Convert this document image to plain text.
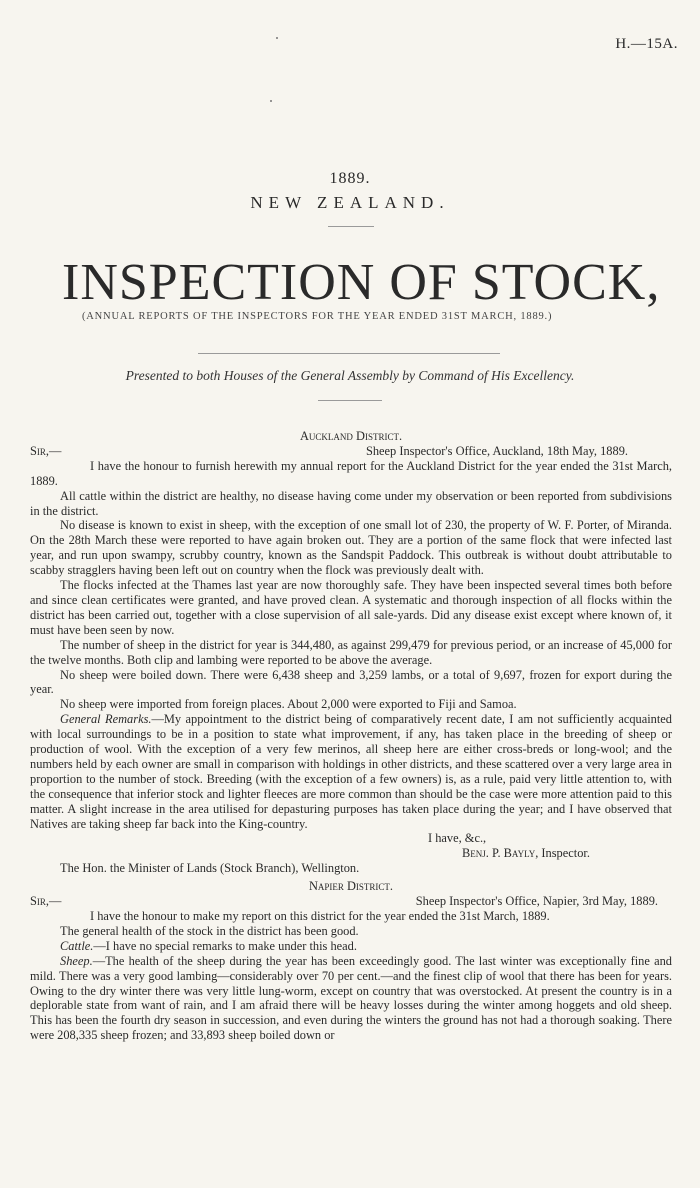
H.—15A.
1889.
NEW ZEALAND.
INSPECTION OF STOCK,
(ANNUAL REPORTS OF THE INSPECTORS FOR THE YEAR ENDED 31ST MARCH, 1889.)
Presented to both Houses of the General Assembly by Command of His Excellency.

Auckland District.

Sir,—	Sheep Inspector's Office, Auckland, 18th May, 1889.

I have the honour to furnish herewith my annual report for the Auckland District for the year ended the 31st March, 1889.

All cattle within the district are healthy, no disease having come under my observation or been reported from subdivisions in the district.

No disease is known to exist in sheep, with the exception of one small lot of 230, the property of W. F. Porter, of Miranda. On the 28th March these were reported to have again broken out. They are a portion of the same flock that were infected last year, and run upon swampy, scrubby country, known as the Sandspit Paddock. This outbreak is without doubt attributable to scabby stragglers having been left out on country when the flock was previously dealt with.

The flocks infected at the Thames last year are now thoroughly safe. They have been inspected several times both before and since clean certificates were granted, and have proved clean. A systematic and thorough inspection of all flocks within the district has been carried out, together with a close supervision of all sale-yards. Did any disease exist except where known of, it must have been seen by now.

The number of sheep in the district for year is 344,480, as against 299,479 for previous period, or an increase of 45,000 for the twelve months. Both clip and lambing were reported to be above the average.

No sheep were boiled down. There were 6,438 sheep and 3,259 lambs, or a total of 9,697, frozen for export during the year.

No sheep were imported from foreign places. About 2,000 were exported to Fiji and Samoa.

General Remarks.—My appointment to the district being of comparatively recent date, I am not sufficiently acquainted with local surroundings to be in a position to state what improvement, if any, has taken place in the breeding of sheep or production of wool. With the exception of a very few merinos, all sheep here are either cross-breds or long-wool; and the numbers held by each owner are small in comparison with holdings in other districts, and these scattered over a very large area in proportion to the number of stock. Breeding (with the exception of a few owners) is, as a rule, paid very little attention to, with the consequence that inferior stock and lighter fleeces are more common than should be the case were more attention paid to this matter. A slight increase in the area utilised for depasturing purposes has taken place during the year; and I have observed that Natives are taking sheep far back into the King-country.

I have, &c.,

Benj. P. Bayly, Inspector.

The Hon. the Minister of Lands (Stock Branch), Wellington.

Napier District.

Sir,—	Sheep Inspector's Office, Napier, 3rd May, 1889.

I have the honour to make my report on this district for the year ended the 31st March, 1889.

The general health of the stock in the district has been good.

Cattle.—I have no special remarks to make under this head.

Sheep.—The health of the sheep during the year has been exceedingly good. The last winter was exceptionally fine and mild. There was a very good lambing—considerably over 70 per cent.—and the finest clip of wool that there has been for years. Owing to the dry winter there was very little lung-worm, except on country that was overstocked. At present the country is in a deplorable state from want of rain, and I am afraid there will be heavy losses during the winter among hoggets and old sheep. This has been the fourth dry season in succession, and even during the winters the ground has not had a thorough soaking. There were 208,335 sheep frozen; and 33,893 sheep boiled down or
